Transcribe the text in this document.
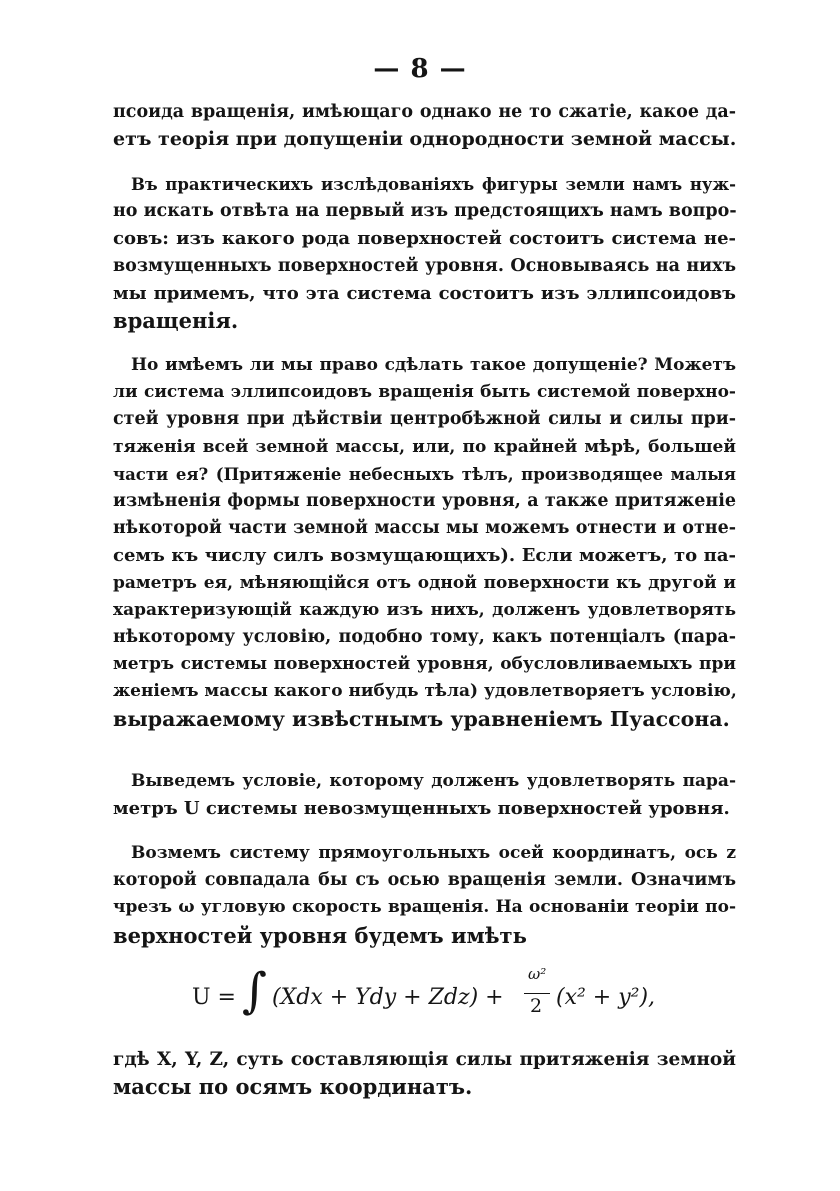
— 8 —
псоида вращенія, имѣющаго однако не то сжатіе, какое да-
етъ теорія при допущеніи однородности земной массы.
Въ практическихъ изслѣдованіяхъ фигуры земли намъ нуж-
но искать отвѣта на первый изъ предстоящихъ намъ вопро-
совъ: изъ какого рода поверхностей состоитъ система не-
возмущенныхъ поверхностей уровня. Основываясь на нихъ
мы примемъ, что эта система состоитъ изъ эллипсоидовъ
вращенія.
Но имѣемъ ли мы право сдѣлать такое допущеніе? Можетъ
ли система эллипсоидовъ вращенія быть системой поверхно-
стей уровня при дѣйствіи центробѣжной силы и силы при-
тяженія всей земной массы, или, по крайней мѣрѣ, большей
части ея? (Притяженіе небесныхъ тѣлъ, производящее малыя
измѣненія формы поверхности уровня, а также притяженіе
нѣкоторой части земной массы мы можемъ отнести и отне-
семъ къ числу силъ возмущающихъ). Если можетъ, то па-
раметръ ея, мѣняющійся отъ одной поверхности къ другой и
характеризующій каждую изъ нихъ, долженъ удовлетворять
нѣкоторому условію, подобно тому, какъ потенціалъ (пара-
метръ системы поверхностей уровня, обусловливаемыхъ при
женіемъ массы какого нибудь тѣла) удовлетворяетъ условію,
выражаемому извѣстнымъ уравненіемъ Пуассона.
Выведемъ условіе, которому долженъ удовлетворять пара-
метръ U системы невозмущенныхъ поверхностей уровня.
Возмемъ систему прямоугольныхъ осей координатъ, ось z
которой совпадала бы съ осью вращенія земли. Означимъ
чрезъ ω угловую скорость вращенія. На основаніи теоріи по-
верхностей уровня будемъ имѣть
U = ∫ (Xdx + Ydy + Zdz) +
ω²
2 (x² + y²),
гдѣ X, Y, Z, суть составляющія силы притяженія земной
массы по осямъ координатъ.
